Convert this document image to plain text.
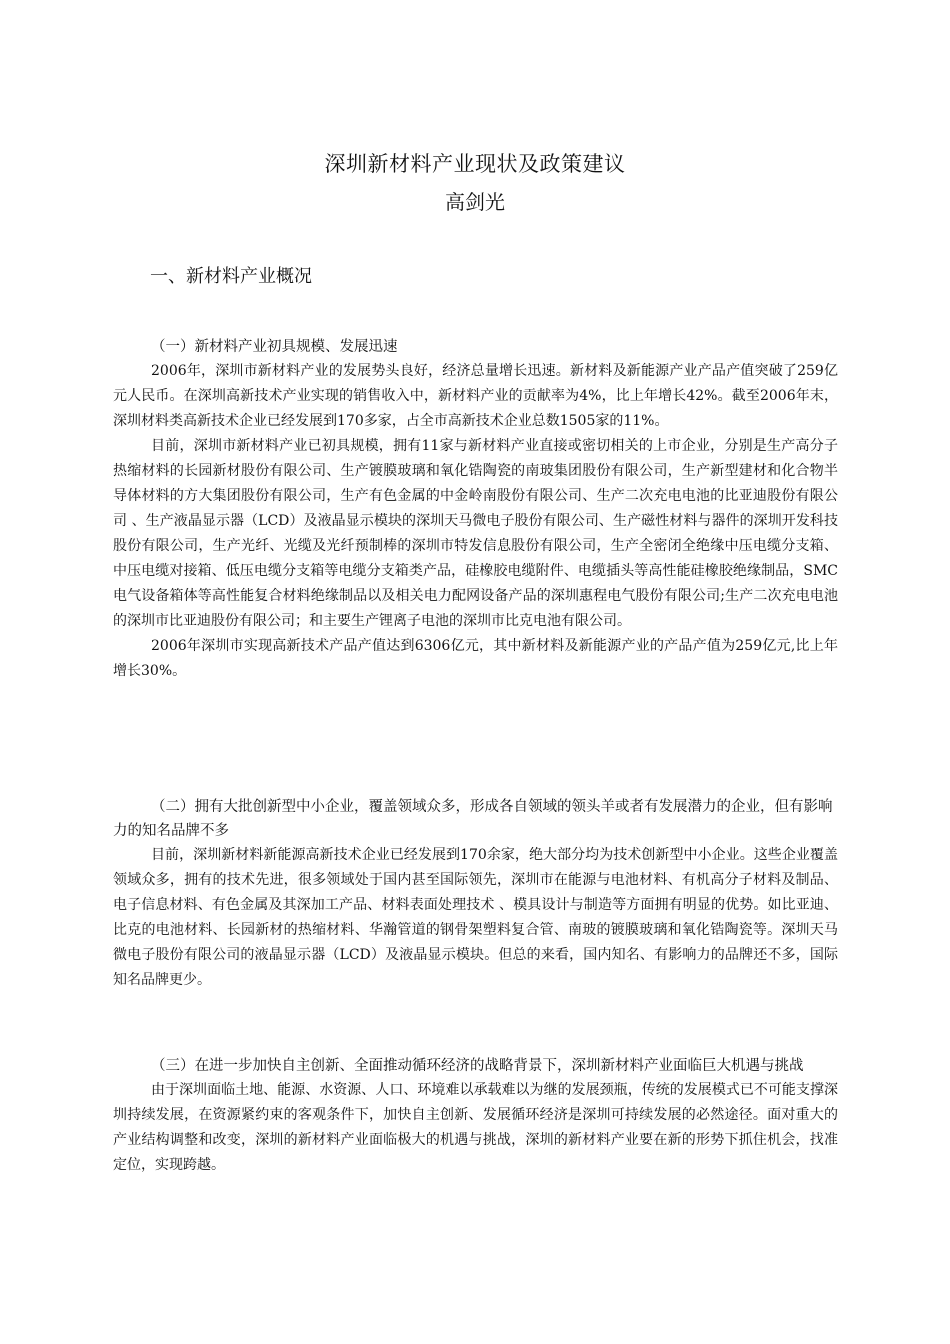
深圳新材料产业现状及政策建议
高剑光
一、新材料产业概况
（一）新材料产业初具规模、发展迅速

2006年，深圳市新材料产业的发展势头良好，经济总量增长迅速。新材料及新能源产业产品产值突破了259亿元人民币。在深圳高新技术产业实现的销售收入中，新材料产业的贡献率为4%，比上年增长42%。截至2006年末，深圳材料类高新技术企业已经发展到170多家，占全市高新技术企业总数1505家的11%。

目前，深圳市新材料产业已初具规模，拥有11家与新材料产业直接或密切相关的上市企业，分别是生产高分子热缩材料的长园新材股份有限公司、生产镀膜玻璃和氧化锆陶瓷的南玻集团股份有限公司，生产新型建材和化合物半导体材料的方大集团股份有限公司，生产有色金属的中金岭南股份有限公司、生产二次充电电池的比亚迪股份有限公司 、生产液晶显示器（LCD）及液晶显示模块的深圳天马微电子股份有限公司、生产磁性材料与器件的深圳开发科技股份有限公司，生产光纤、光缆及光纤预制棒的深圳市特发信息股份有限公司，生产全密闭全绝缘中压电缆分支箱、中压电缆对接箱、低压电缆分支箱等电缆分支箱类产品，硅橡胶电缆附件、电缆插头等高性能硅橡胶绝缘制品，SMC电气设备箱体等高性能复合材料绝缘制品以及相关电力配网设备产品的深圳惠程电气股份有限公司;生产二次充电电池的深圳市比亚迪股份有限公司；和主要生产锂离子电池的深圳市比克电池有限公司。

2006年深圳市实现高新技术产品产值达到6306亿元，其中新材料及新能源产业的产品产值为259亿元,比上年增长30%。

（二）拥有大批创新型中小企业，覆盖领域众多，形成各自领域的领头羊或者有发展潜力的企业，但有影响力的知名品牌不多

目前，深圳新材料新能源高新技术企业已经发展到170余家，绝大部分均为技术创新型中小企业。这些企业覆盖领域众多，拥有的技术先进，很多领域处于国内甚至国际领先，深圳市在能源与电池材料、有机高分子材料及制品、电子信息材料、有色金属及其深加工产品、材料表面处理技术 、模具设计与制造等方面拥有明显的优势。如比亚迪、比克的电池材料、长园新材的热缩材料、华瀚管道的钢骨架塑料复合管、南玻的镀膜玻璃和氧化锆陶瓷等。深圳天马微电子股份有限公司的液晶显示器（LCD）及液晶显示模块。但总的来看，国内知名、有影响力的品牌还不多，国际知名品牌更少。

（三）在进一步加快自主创新、全面推动循环经济的战略背景下，深圳新材料产业面临巨大机遇与挑战

由于深圳面临土地、能源、水资源、人口、环境难以承载难以为继的发展颈瓶，传统的发展模式已不可能支撑深圳持续发展，在资源紧约束的客观条件下，加快自主创新、发展循环经济是深圳可持续发展的必然途径。面对重大的产业结构调整和改变，深圳的新材料产业面临极大的机遇与挑战，深圳的新材料产业要在新的形势下抓住机会，找准定位，实现跨越。
